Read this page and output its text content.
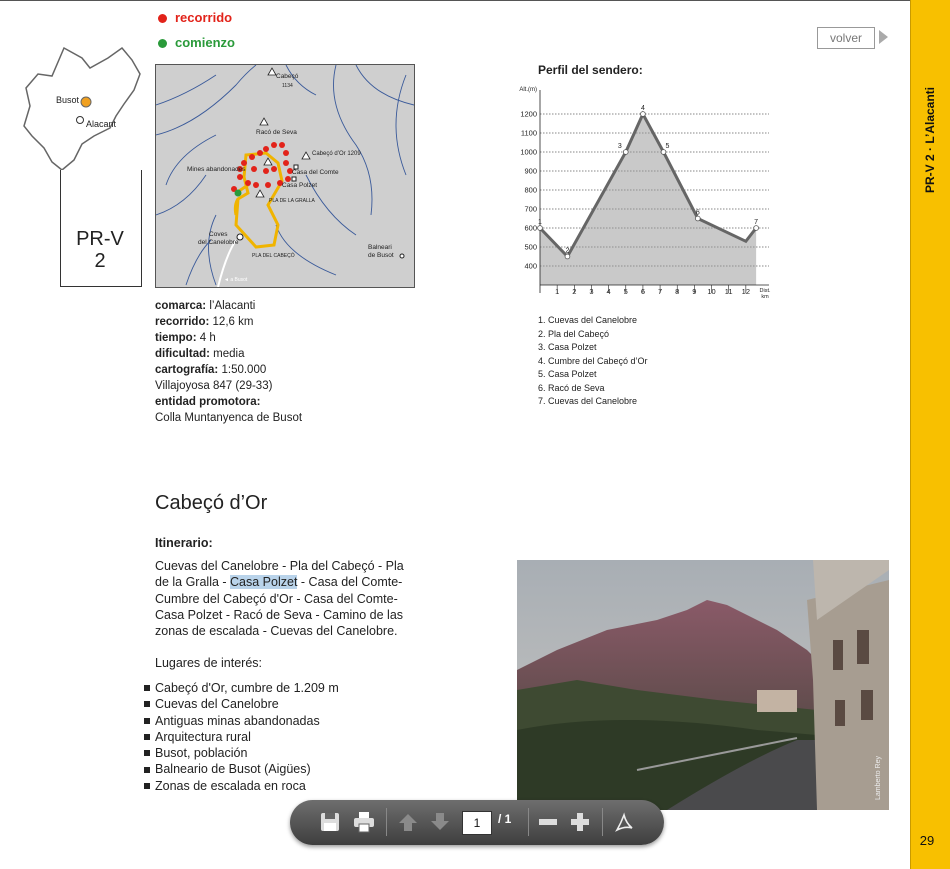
PR-V 2 · L’Alacanti
29
recorrido
comienzo	volver
Busot
Alacant
PR-V
2
Cabeçó
1134
Racó de Seva
Cabeçó d’Or 1209
Mines abandonades	Casa del Comte
Casa Polzet
PLA DE LA GRALLA
Coves
del Canelobre
PLA DEL CABEÇÓ
Balneari
de Busot
◄ a Busot
comarca: l’Alacanti
recorrido: 12,6 km
tiempo: 4 h
dificultad: media
cartografía: 1:50.000
Villajoyosa 847 (29-33)
entidad promotora:
Colla Muntanyenca de Busot
Perfil del sendero:
400
500
600
700
800
900
1000
1100
1200
1 2 3 4 5 6 7 8 9 10 11 12
Alt.(m)
Dist.
km
1
2
3
4
5
6
7
1. Cuevas del Canelobre
2. Pla del Cabeçó
3. Casa Polzet
4. Cumbre del Cabeçó d’Or
5. Casa Polzet
6. Racó de Seva
7. Cuevas del Canelobre
Cabeçó d’Or
Itinerario:
Cuevas del Canelobre - Pla del Cabeçó - Pla de la Gralla - Casa Polzet - Casa del Comte- Cumbre del Cabeçó d'Or - Casa del Comte- Casa Polzet - Racó de Seva - Camino de las zonas de escalada - Cuevas del Canelobre.
Lugares de interés:
Cabeçó d'Or, cumbre de 1.209 m
Cuevas del Canelobre
Antiguas minas abandonadas
Arquitectura rural
Busot, población
Balneario de Busot (Aigües)
Zonas de escalada en roca	Lamberto Rey
1	/ 1
